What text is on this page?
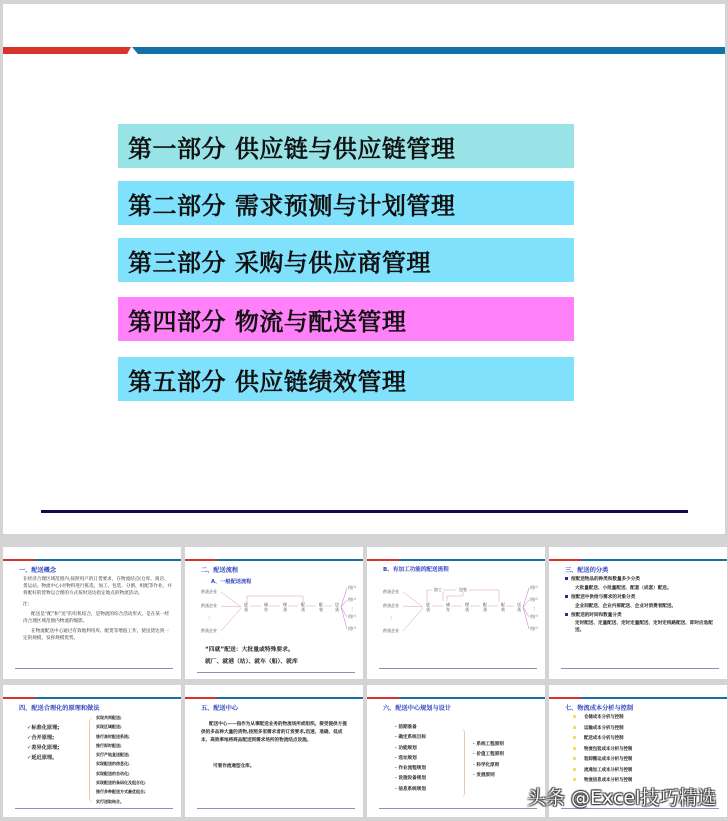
第一部分 供应链与供应链管理
第二部分 需求预测与计划管理
第三部分 采购与供应商管理
第四部分 物流与配送管理
第五部分 供应链绩效管理
一、配送概念

在经济合理区域范围内,按照用户的订货要求，在物流结点(仓库、商店、货运站、物流中心)对物料进行拣选、加工、包装、分割、组配等作业，并将配好的货物以合理的方式按时送达指定地点的物流活动。

注:

配送是“配”和“送”的有机结合，是物流的综合活动形式，是在某一经济合理区域范围内物流的缩影。

在物流配送中心通过有效地利用库、配货等增值工作，使送货达到一定的规模，发挥规模优势。

二、配送流程
A、一般配送流程
供货企业
供货企业
⋮
供货企业
进
货
储
存
理
货
配
货
配
装
送
货
用户
用户
⋮
用户
用户
“四就”配送：大批量或特殊要求。
就厂、就港（站）、就车（船）、就库
B、有加工功能的配送流程
供货企业
供货企业
⋮
供货企业
加工	包装
进
货
储
存
理
货
配
货
配
装
送
货
用户
用户
⋮
用户
用户
三、配送的分类

按配送物品的种类和数量多少分类

大批量配送、小批量配送、配套（成套）配送。

按配送中供给与需求的对象分类

企业间配送、企业内部配送、企业对消费者配送。

按配送的时间和数量分类

定时配送、定量配送、定时定量配送、定时定线路配送、即时应急配送。

四、配送合理化的原理和做法

✓标准化原理;

✓合并原理;

✓差异化原理;

✓延迟原理。

实现共同配送;

实现区域配送;

推行准时配送系统;

推行即时配送;

实行产地直送配送;

实现配送的信息化;

实现配送的自动化;

实现配送的条码化及组合化;

推行多种配送方式最优组合;

实行送取结合。

五、配送中心

配送中心——指作为从事配送业务的物流场所或组织。接受提供方提供的多品种大量的货物,按照多家需求者的订货要求,迅速、准确、低成本、高效率地将商品配送到需求场所的物流结点设施。

可看作流通型仓库。

六、配送中心规划与设计

· 前期准备

· 确定系统目标

· 功能规划

· 选址规划

· 作业流程规划

· 设施设备规划

· 信息系统规划

· 系统工程原则

· 价值工程原则

· 科学化原则

· 发展原则

七、物流成本分析与控制

仓储成本分析与控制

运输成本分析与控制

配送成本分析与控制

物流包装成本分析与控制

装卸搬运成本分析与控制

流通加工成本分析与控制

物流信息成本分析与控制

头条 @Excel技巧精选
